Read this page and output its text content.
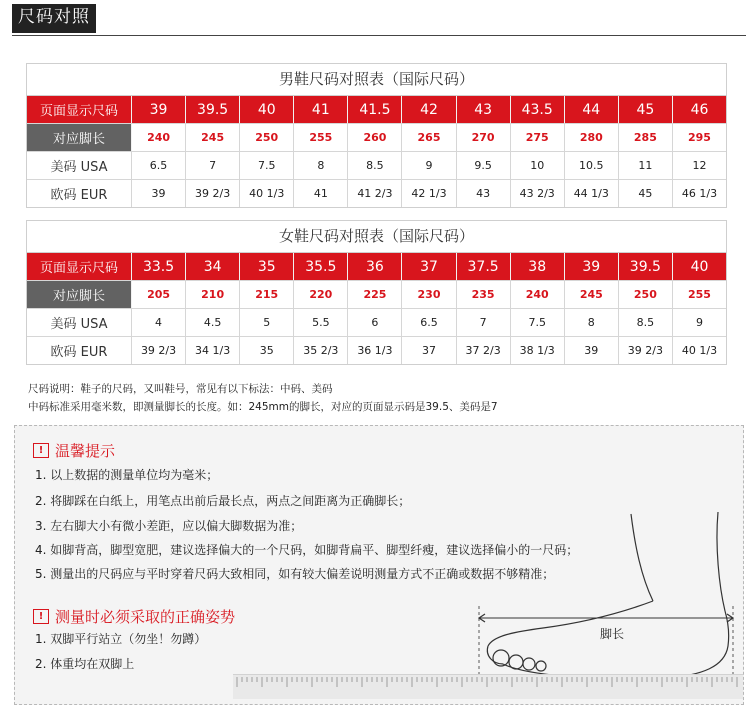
尺码对照
男鞋尺码对照表（国际尺码）
页面显示尺码	39	39.5	40	41	41.5	42	43	43.5	44	45	46
对应脚长	240	245	250	255	260	265	270	275	280	285	295
美码 USA	6.5	7	7.5	8	8.5	9	9.5	10	10.5	11	12
欧码 EUR	39	39 2/3	40 1/3	41	41 2/3	42 1/3	43	43 2/3	44 1/3	45	46 1/3
女鞋尺码对照表（国际尺码）
页面显示尺码	33.5	34	35	35.5	36	37	37.5	38	39	39.5	40
对应脚长	205	210	215	220	225	230	235	240	245	250	255
美码 USA	4	4.5	5	5.5	6	6.5	7	7.5	8	8.5	9
欧码 EUR	39 2/3	34 1/3	35	35 2/3	36 1/3	37	37 2/3	38 1/3	39	39 2/3	40 1/3
尺码说明：鞋子的尺码，又叫鞋号，常见有以下标法：中码、美码
中码标准采用毫米数，即测量脚长的长度。如：245mm的脚长，对应的页面显示码是39.5、美码是7
! 温馨提示
1. 以上数据的测量单位均为毫米；
2. 将脚踩在白纸上，用笔点出前后最长点，两点之间距离为正确脚长；
3. 左右脚大小有微小差距，应以偏大脚数据为准；
4. 如脚背高，脚型宽肥，建议选择偏大的一个尺码，如脚背扁平、脚型纤瘦，建议选择偏小的一尺码；
5. 测量出的尺码应与平时穿着尺码大致相同，如有较大偏差说明测量方式不正确或数据不够精准；
! 测量时必须采取的正确姿势
1. 双脚平行站立（勿坐！勿蹲）
2. 体重均在双脚上
脚长
